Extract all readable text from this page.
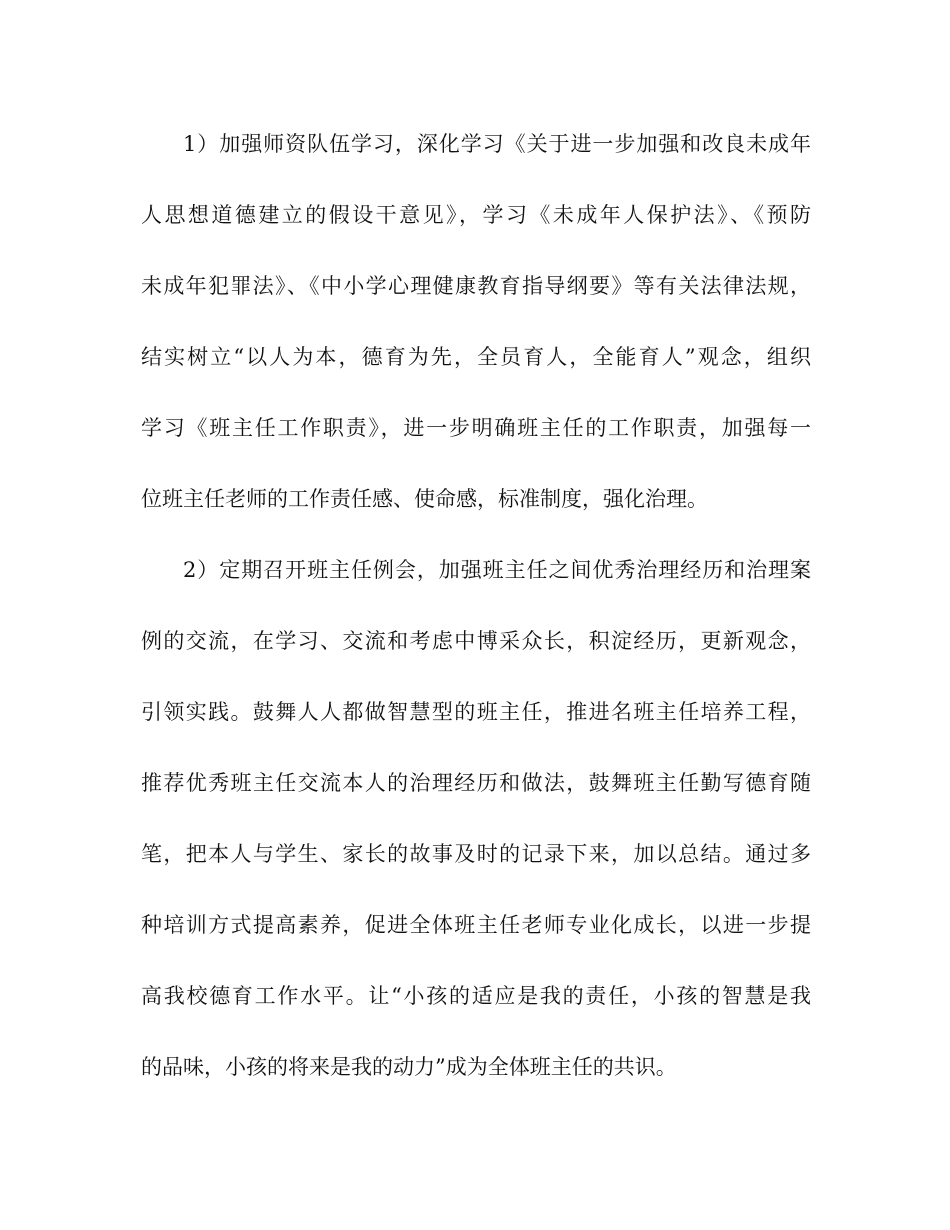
1）加强师资队伍学习，深化学习《关于进一步加强和改良未成年
人思想道德建立的假设干意见》，学习《未成年人保护法》、《预防
未成年犯罪法》、《中小学心理健康教育指导纲要》等有关法律法规，
结实树立“以人为本，德育为先，全员育人，全能育人”观念，组织
学习《班主任工作职责》，进一步明确班主任的工作职责，加强每一
位班主任老师的工作责任感、使命感，标准制度，强化治理。
2）定期召开班主任例会，加强班主任之间优秀治理经历和治理案
例的交流，在学习、交流和考虑中博采众长，积淀经历，更新观念，
引领实践。鼓舞人人都做智慧型的班主任，推进名班主任培养工程，
推荐优秀班主任交流本人的治理经历和做法，鼓舞班主任勤写德育随
笔，把本人与学生、家长的故事及时的记录下来，加以总结。通过多
种培训方式提高素养，促进全体班主任老师专业化成长，以进一步提
高我校德育工作水平。让“小孩的适应是我的责任，小孩的智慧是我
的品味，小孩的将来是我的动力”成为全体班主任的共识。
